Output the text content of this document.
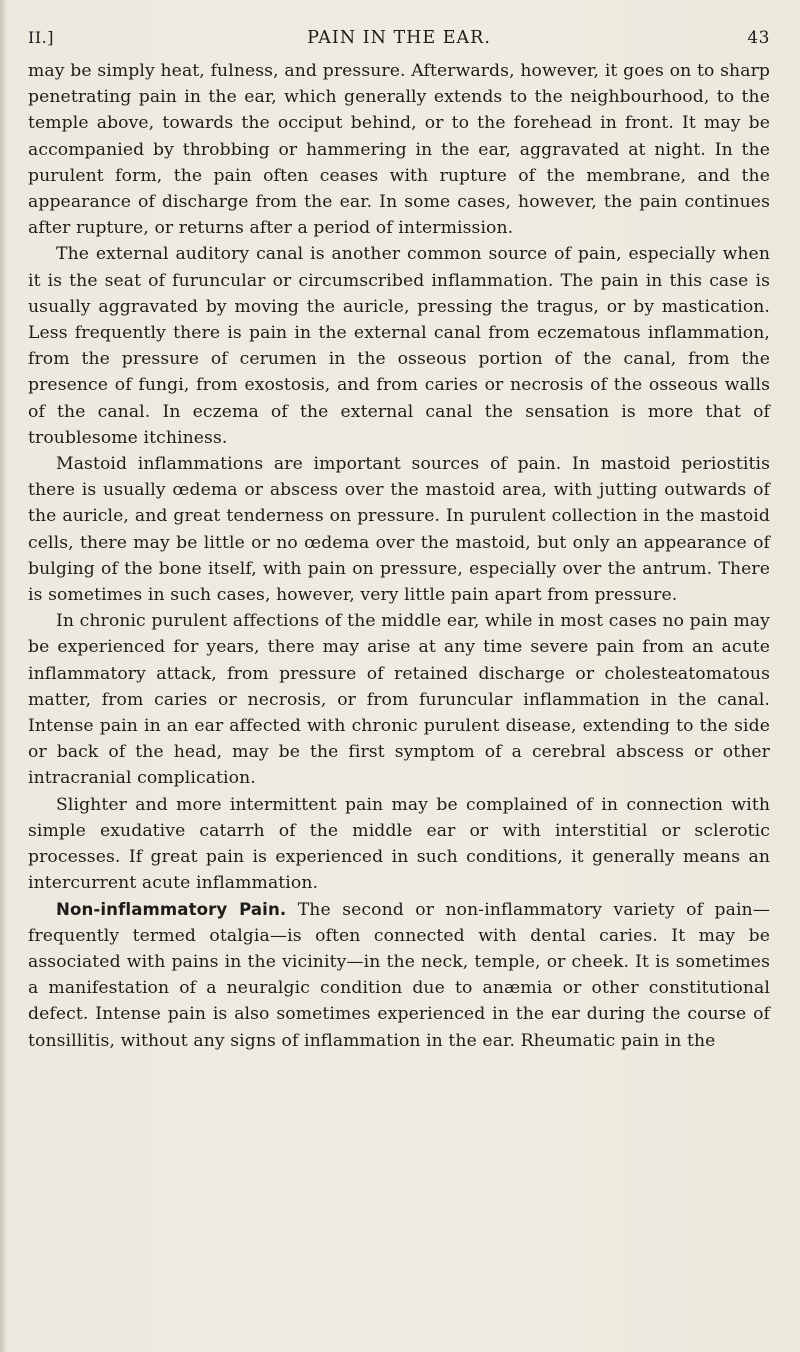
II.]	PAIN IN THE EAR.	43

may be simply heat, fulness, and pressure. Afterwards, however, it goes on to sharp penetrating pain in the ear, which generally extends to the neighbourhood, to the temple above, towards the occiput behind, or to the forehead in front. It may be accompanied by throbbing or hammering in the ear, aggravated at night. In the purulent form, the pain often ceases with rupture of the membrane, and the appearance of discharge from the ear. In some cases, however, the pain continues after rupture, or returns after a period of intermission.

The external auditory canal is another common source of pain, especially when it is the seat of furuncular or circumscribed inflammation. The pain in this case is usually aggravated by moving the auricle, pressing the tragus, or by mastication. Less frequently there is pain in the external canal from eczematous inflammation, from the pressure of cerumen in the osseous portion of the canal, from the presence of fungi, from exostosis, and from caries or necrosis of the osseous walls of the canal. In eczema of the external canal the sensation is more that of troublesome itchiness.

Mastoid inflammations are important sources of pain. In mastoid periostitis there is usually œdema or abscess over the mastoid area, with jutting outwards of the auricle, and great tenderness on pressure. In purulent collection in the mastoid cells, there may be little or no œdema over the mastoid, but only an appearance of bulging of the bone itself, with pain on pressure, especially over the antrum. There is sometimes in such cases, however, very little pain apart from pressure.

In chronic purulent affections of the middle ear, while in most cases no pain may be experienced for years, there may arise at any time severe pain from an acute inflammatory attack, from pressure of retained discharge or cholesteatomatous matter, from caries or necrosis, or from furuncular inflammation in the canal. Intense pain in an ear affected with chronic purulent disease, extending to the side or back of the head, may be the first symptom of a cerebral abscess or other intracranial complication.

Slighter and more intermittent pain may be complained of in connection with simple exudative catarrh of the middle ear or with interstitial or sclerotic processes. If great pain is experienced in such conditions, it generally means an intercurrent acute inflammation.

Non-inflammatory Pain. The second or non-inflammatory variety of pain—frequently termed otalgia—is often connected with dental caries. It may be associated with pains in the vicinity—in the neck, temple, or cheek. It is sometimes a manifestation of a neuralgic condition due to anæmia or other constitutional defect. Intense pain is also sometimes experienced in the ear during the course of tonsillitis, without any signs of inflammation in the ear. Rheumatic pain in the
